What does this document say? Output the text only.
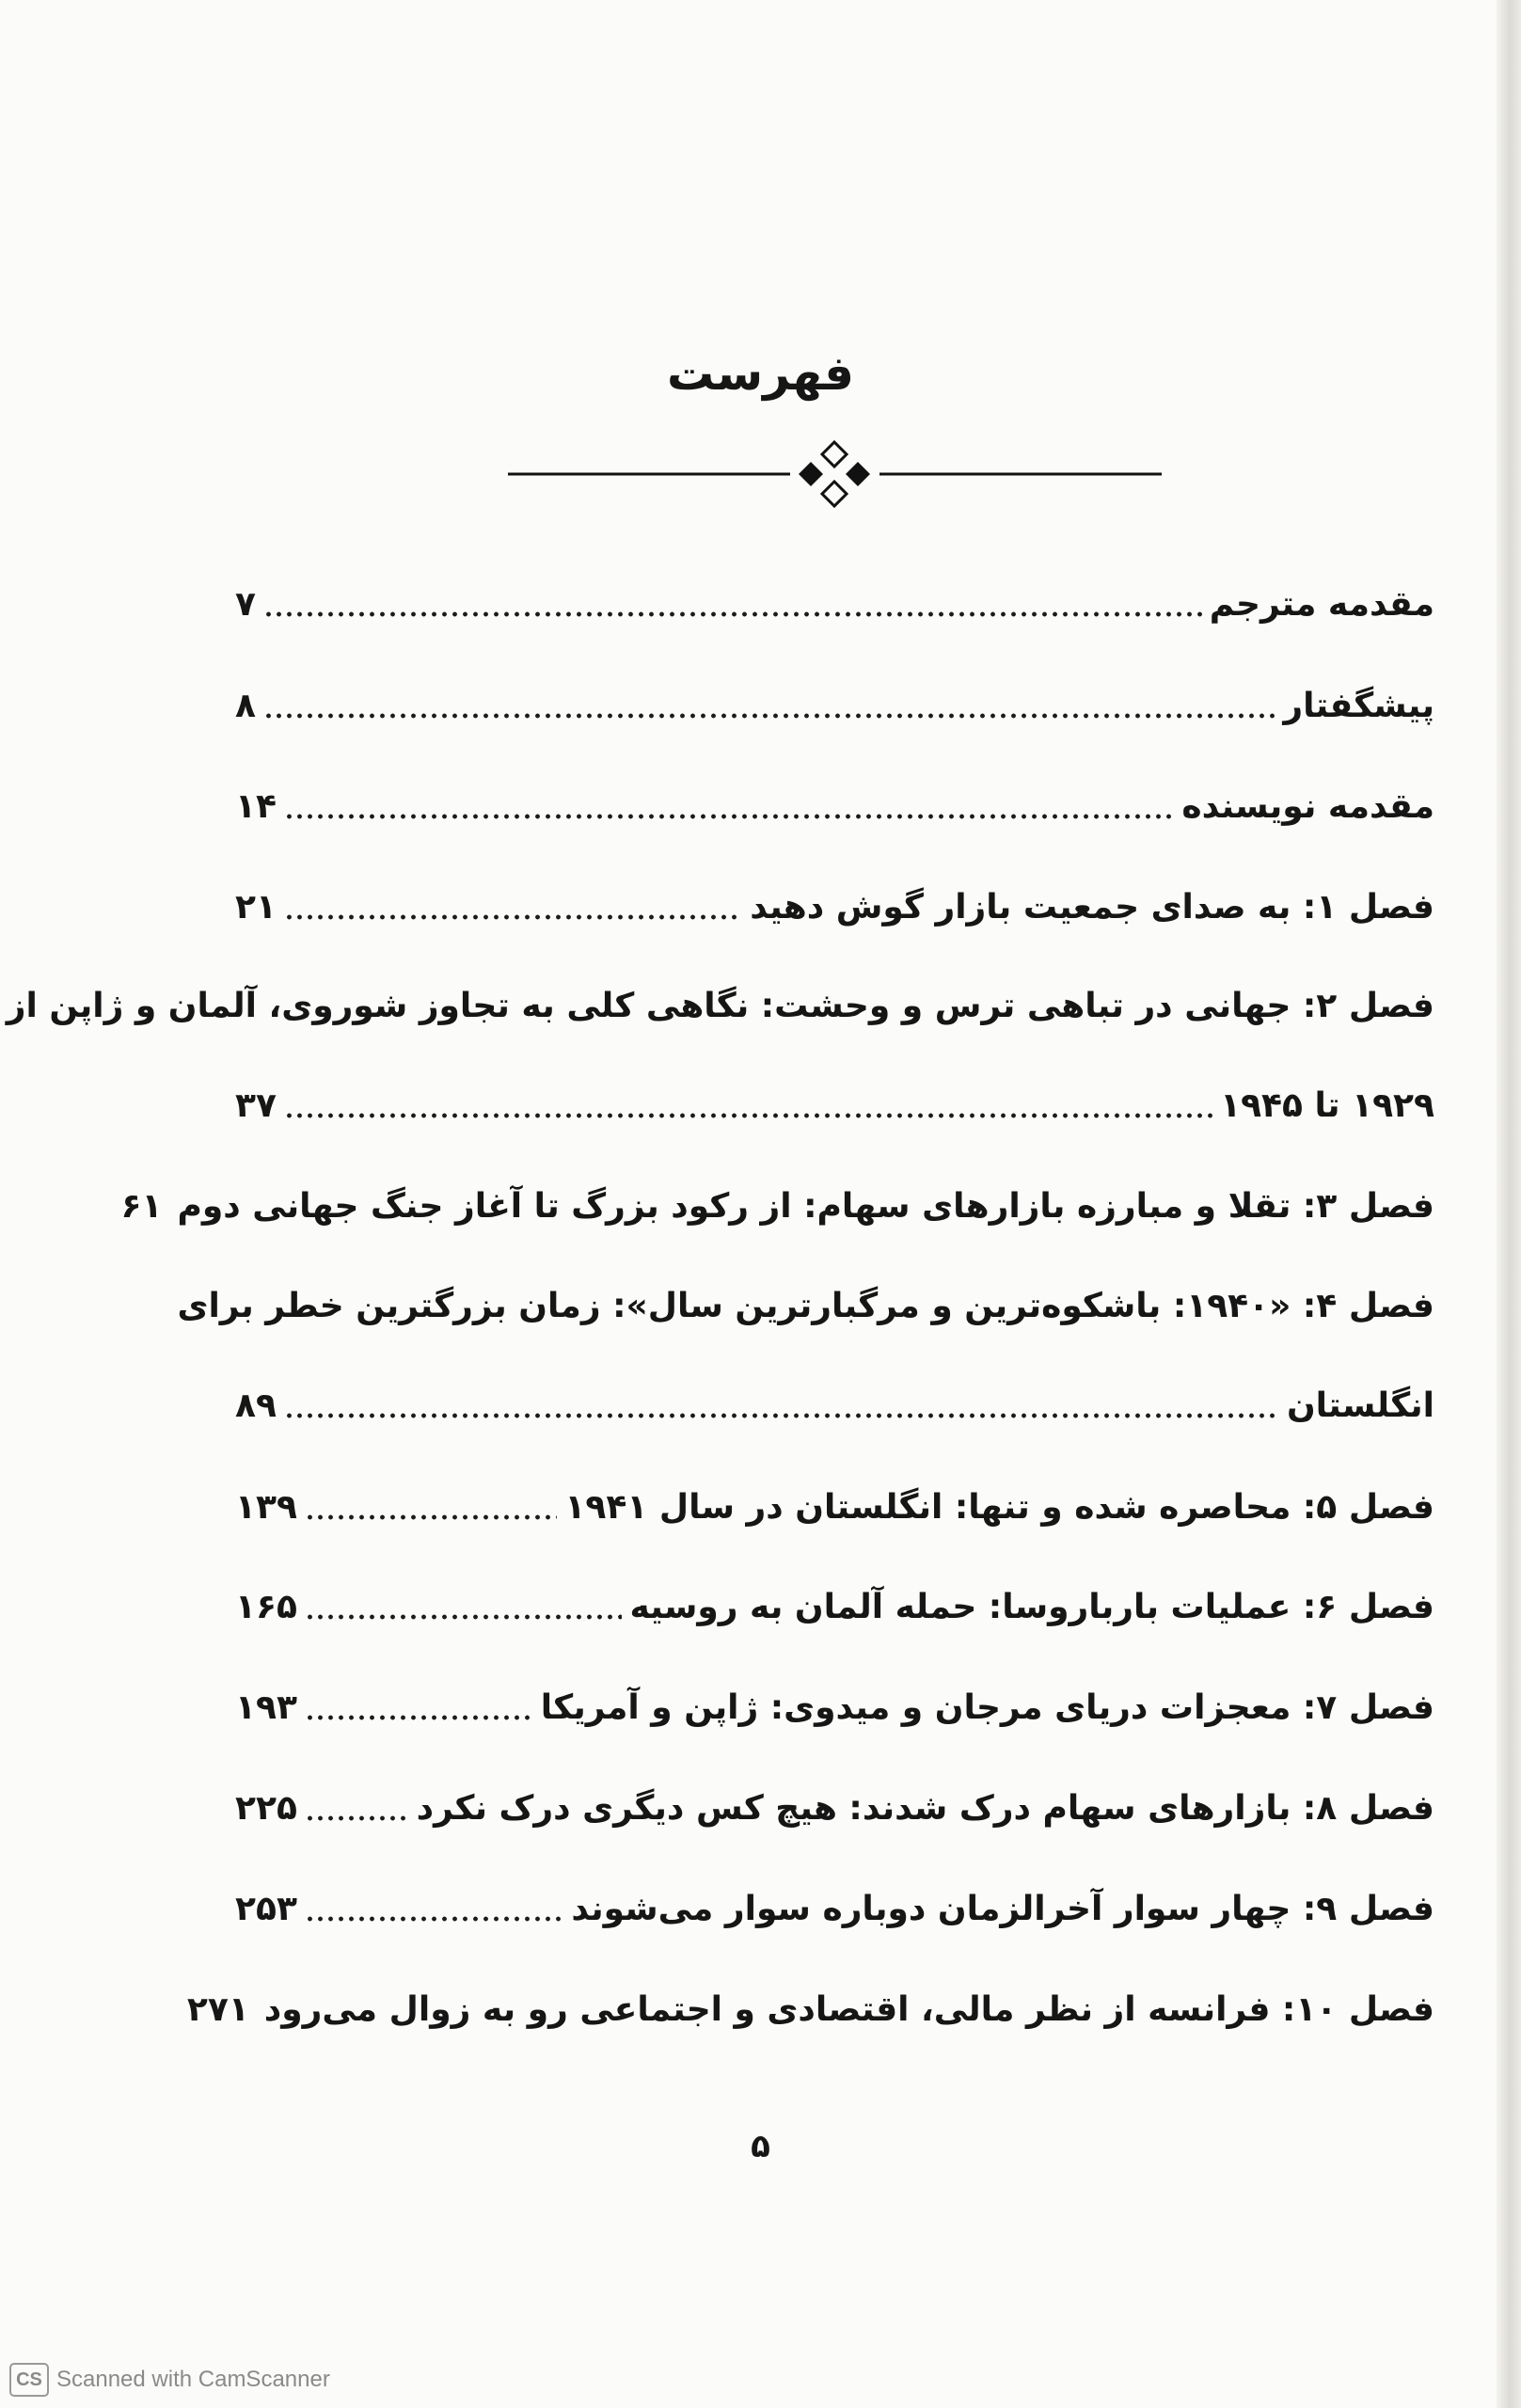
فهرست
مقدمه مترجم
۷
پیشگفتار
۸
مقدمه نویسنده
۱۴
فصل ۱: به صدای جمعیت بازار گوش دهید
۲۱
فصل ۲: جهانی در تباهی ترس و وحشت: نگاهی کلی به تجاوز شوروی، آلمان و ژاپن از
۱۹۲۹ تا ۱۹۴۵
۳۷
فصل ۳: تقلا و مبارزه بازارهای سهام: از رکود بزرگ تا آغاز جنگ جهانی دوم
۶۱
فصل ۴: «۱۹۴۰: باشکوه‌ترین و مرگبارترین سال»: زمان بزرگترین خطر برای
انگلستان
۸۹
فصل ۵: محاصره شده و تنها: انگلستان در سال ۱۹۴۱
۱۳۹
فصل ۶: عملیات بارباروسا: حمله آلمان به روسیه
۱۶۵
فصل ۷: معجزات دریای مرجان و میدوی: ژاپن و آمریکا
۱۹۳
فصل ۸: بازارهای سهام درک شدند: هیچ کس دیگری درک نکرد
۲۲۵
فصل ۹: چهار سوار آخرالزمان دوباره سوار می‌شوند
۲۵۳
فصل ۱۰: فرانسه از نظر مالی، اقتصادی و اجتماعی رو به زوال می‌رود
۲۷۱
۵
CS Scanned with CamScanner
